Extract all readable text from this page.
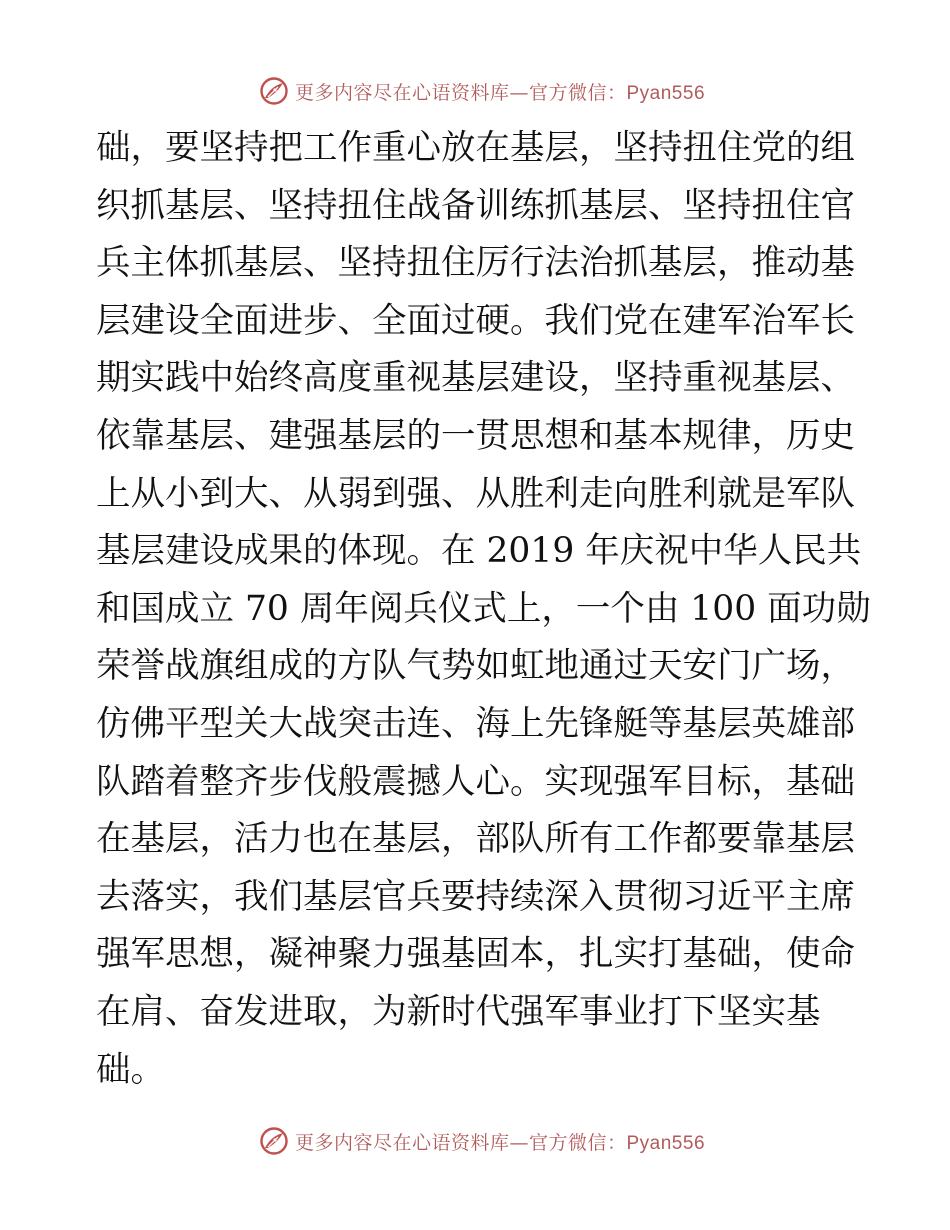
更多内容尽在心语资料库—官方微信：Pyan556
础，要坚持把工作重心放在基层，坚持扭住党的组
织抓基层、坚持扭住战备训练抓基层、坚持扭住官
兵主体抓基层、坚持扭住厉行法治抓基层，推动基
层建设全面进步、全面过硬。我们党在建军治军长
期实践中始终高度重视基层建设，坚持重视基层、
依靠基层、建强基层的一贯思想和基本规律，历史
上从小到大、从弱到强、从胜利走向胜利就是军队
基层建设成果的体现。在 2019 年庆祝中华人民共
和国成立 70 周年阅兵仪式上，一个由 100 面功勋
荣誉战旗组成的方队气势如虹地通过天安门广场，
仿佛平型关大战突击连、海上先锋艇等基层英雄部
队踏着整齐步伐般震撼人心。实现强军目标，基础
在基层，活力也在基层，部队所有工作都要靠基层
去落实，我们基层官兵要持续深入贯彻习近平主席
强军思想，凝神聚力强基固本，扎实打基础，使命
在肩、奋发进取，为新时代强军事业打下坚实基
础。
更多内容尽在心语资料库—官方微信：Pyan556
